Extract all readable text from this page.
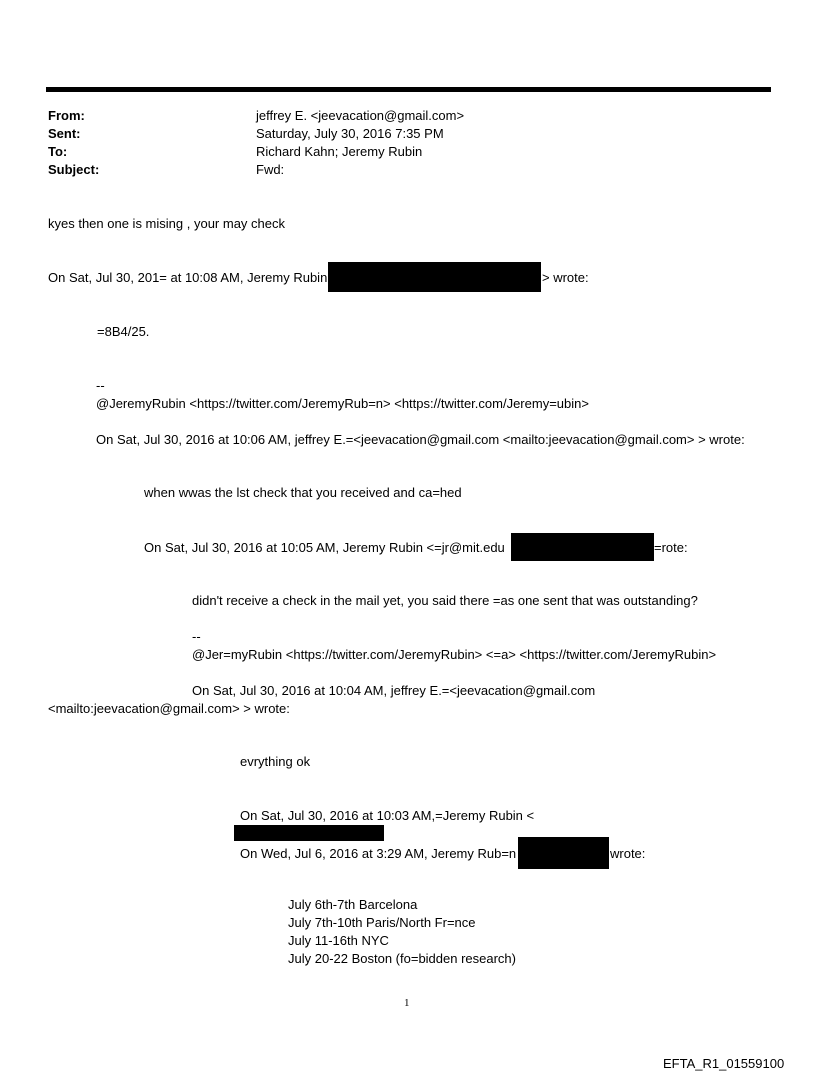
From:	jeffrey E. <jeevacation@gmail.com>
Sent:	Saturday, July 30, 2016 7:35 PM
To:	Richard Kahn; Jeremy Rubin
Subject:	Fwd:
kyes then one is mising , your may check
On Sat, Jul 30, 201= at 10:08 AM, Jeremy Rubin	> wrote:
=8B4/25.
--
@JeremyRubin <https://twitter.com/JeremyRub=n> <https://twitter.com/Jeremy=ubin>
On Sat, Jul 30, 2016 at 10:06 AM, jeffrey E.=<jeevacation@gmail.com <mailto:jeevacation@gmail.com> > wrote:
when wwas the lst check that you received and ca=hed
On Sat, Jul 30, 2016 at 10:05 AM, Jeremy Rubin <=jr@mit.edu	=rote:
didn't receive a check in the mail yet, you said there =as one sent that was outstanding?
--
@Jer=myRubin <https://twitter.com/JeremyRubin> <=a> <https://twitter.com/JeremyRubin>
On Sat, Jul 30, 2016 at 10:04 AM, jeffrey E.=<jeevacation@gmail.com
<mailto:jeevacation@gmail.com> > wrote:
evrything ok
On Sat, Jul 30, 2016 at 10:03 AM,=Jeremy Rubin <
On Wed, Jul 6, 2016 at 3:29 AM, Jeremy Rub=n	wrote:
July 6th-7th Barcelona
July 7th-10th Paris/North Fr=nce
July 11-16th NYC
July 20-22 Boston (fo=bidden research)
1
EFTA_R1_01559100
